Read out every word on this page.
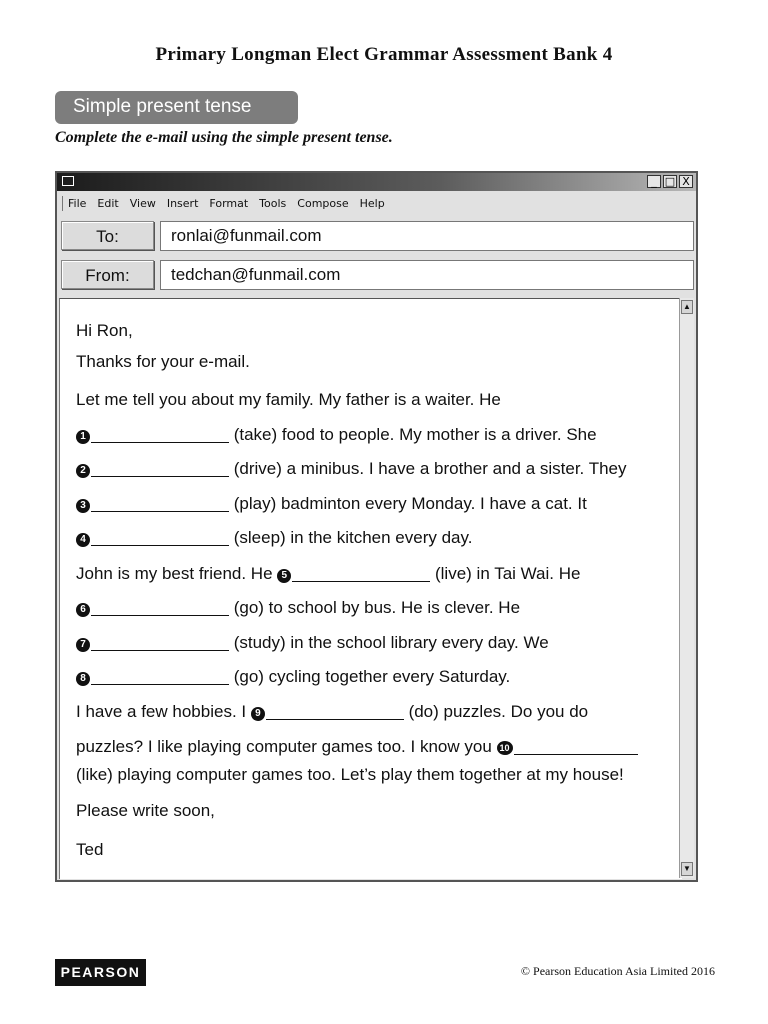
Primary Longman Elect Grammar Assessment Bank 4
Simple present tense
Complete the e-mail using the simple present tense.
_ □ X
File Edit View Insert Format Tools Compose Help
To:	ronlai@funmail.com
From:	tedchan@funmail.com
▲
▼
Hi Ron,
Thanks for your e-mail.
Let me tell you about my family. My father is a waiter. He
1	(take) food to people. My mother is a driver. She
2	(drive) a minibus. I have a brother and a sister. They
3	(play) badminton every Monday. I have a cat. It
4	(sleep) in the kitchen every day.
John is my best friend. He 5	(live) in Tai Wai. He
6	(go) to school by bus. He is clever. He
7	(study) in the school library every day. We
8	(go) cycling together every Saturday.
I have a few hobbies. I 9	(do) puzzles. Do you do
puzzles? I like playing computer games too. I know you 10
(like) playing computer games too. Let’s play them together at my house!
Please write soon,
Ted
PEARSON	© Pearson Education Asia Limited 2016
